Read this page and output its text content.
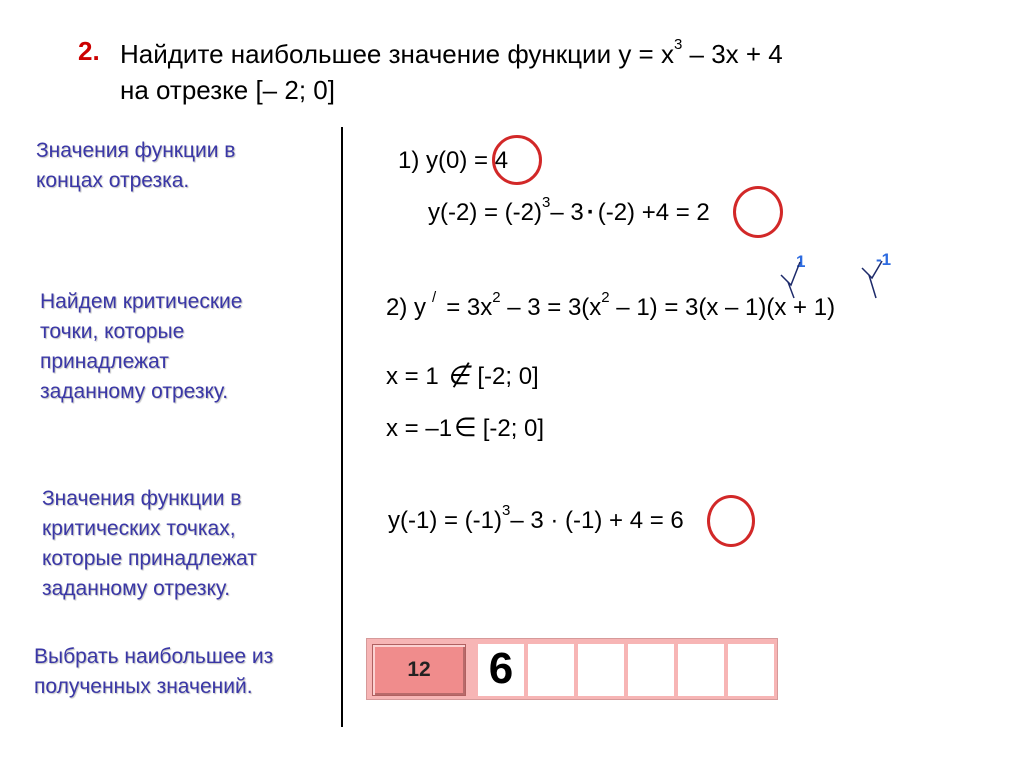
2. Найдите наибольшее значение функции $y = x^3 - 3x + 4$
на отрезке [– 2; 0]
Значения функции в
концах отрезка.
Найдем критические
точки, которые
принадлежат
заданному отрезку.
Значения функции в
критических точках,
которые принадлежат
заданному отрезку.
Выбрать наибольшее из
полученных значений.
1) y(0) = 4
$y(-2) = (-2)^3-$ 3 · (-2) +4 = 2
1	-1
2) y $^/ = 3x^2 - 3 = 3(x^2 - 1) = 3(x - 1)(x + 1)$
x = 1 ∉ [-2; 0]
x = –1∈ [-2; 0]
$y(-1) = (-1)^3-$ 3 · (-1) + 4 = 6
12	6
